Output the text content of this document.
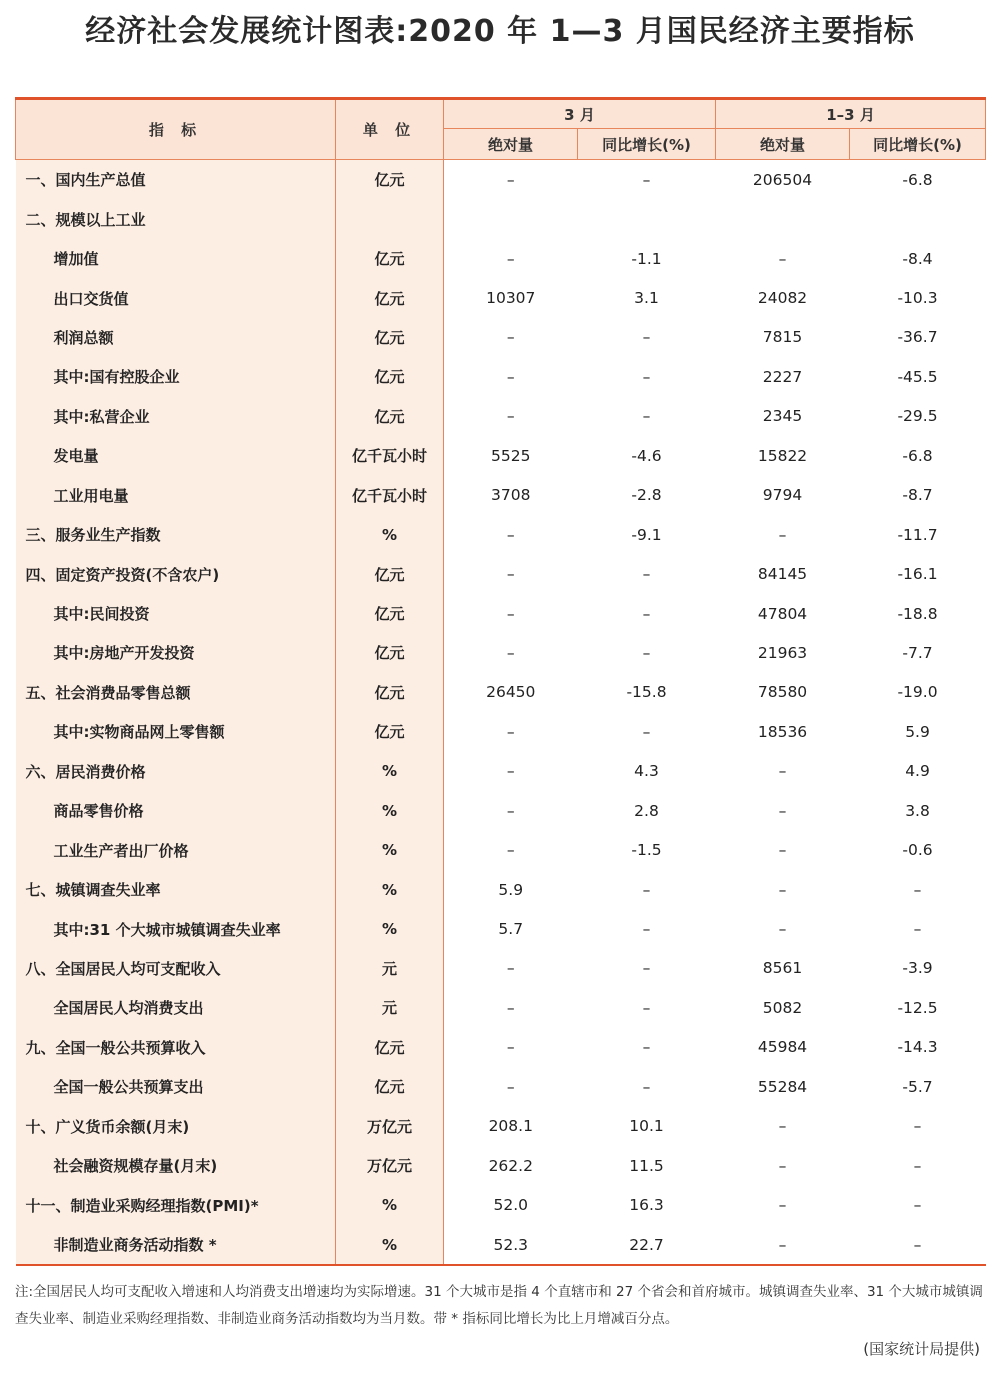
经济社会发展统计图表:2020 年 1—3 月国民经济主要指标
指 标	单 位	3 月		1–3 月	
		绝对量	同比增长(%)	绝对量	同比增长(%)
一、国内生产总值	亿元	–	–	206504	-6.8
二、规模以上工业					
增加值	亿元	–	-1.1	–	-8.4
出口交货值	亿元	10307	3.1	24082	-10.3
利润总额	亿元	–	–	7815	-36.7
其中:国有控股企业	亿元	–	–	2227	-45.5
其中:私营企业	亿元	–	–	2345	-29.5
发电量	亿千瓦小时	5525	-4.6	15822	-6.8
工业用电量	亿千瓦小时	3708	-2.8	9794	-8.7
三、服务业生产指数	%	–	-9.1	–	-11.7
四、固定资产投资(不含农户)	亿元	–	–	84145	-16.1
其中:民间投资	亿元	–	–	47804	-18.8
其中:房地产开发投资	亿元	–	–	21963	-7.7
五、社会消费品零售总额	亿元	26450	-15.8	78580	-19.0
其中:实物商品网上零售额	亿元	–	–	18536	5.9
六、居民消费价格	%	–	4.3	–	4.9
商品零售价格	%	–	2.8	–	3.8
工业生产者出厂价格	%	–	-1.5	–	-0.6
七、城镇调查失业率	%	5.9	–	–	–
其中:31 个大城市城镇调查失业率	%	5.7	–	–	–
八、全国居民人均可支配收入	元	–	–	8561	-3.9
全国居民人均消费支出	元	–	–	5082	-12.5
九、全国一般公共预算收入	亿元	–	–	45984	-14.3
全国一般公共预算支出	亿元	–	–	55284	-5.7
十、广义货币余额(月末)	万亿元	208.1	10.1	–	–
社会融资规模存量(月末)	万亿元	262.2	11.5	–	–
十一、制造业采购经理指数(PMI)*	%	52.0	16.3	–	–
非制造业商务活动指数 *	%	52.3	22.7	–	–
注:全国居民人均可支配收入增速和人均消费支出增速均为实际增速。31 个大城市是指 4 个直辖市和 27 个省会和首府城市。城镇调查失业率、31 个大城市城镇调查失业率、制造业采购经理指数、非制造业商务活动指数均为当月数。带 * 指标同比增长为比上月增减百分点。
(国家统计局提供)
